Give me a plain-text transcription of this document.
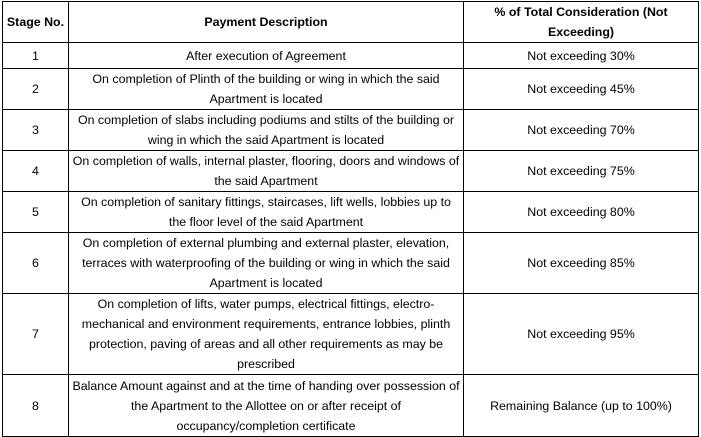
Stage No.	Payment Description	% of Total Consideration (Not Exceeding)
1	After execution of Agreement	Not exceeding 30%
2	On completion of Plinth of the building or wing in which the said Apartment is located	Not exceeding 45%
3	On completion of slabs including podiums and stilts of the building or wing in which the said Apartment is located	Not exceeding 70%
4	On completion of walls, internal plaster, flooring, doors and windows of the said Apartment	Not exceeding 75%
5	On completion of sanitary fittings, staircases, lift wells, lobbies up to the floor level of the said Apartment	Not exceeding 80%
6	On completion of external plumbing and external plaster, elevation, terraces with waterproofing of the building or wing in which the said Apartment is located	Not exceeding 85%
7	On completion of lifts, water pumps, electrical fittings, electro-mechanical and environment requirements, entrance lobbies, plinth protection, paving of areas and all other requirements as may be prescribed	Not exceeding 95%
8	Balance Amount against and at the time of handing over possession of the Apartment to the Allottee on or after receipt of occupancy/completion certificate	Remaining Balance (up to 100%)
